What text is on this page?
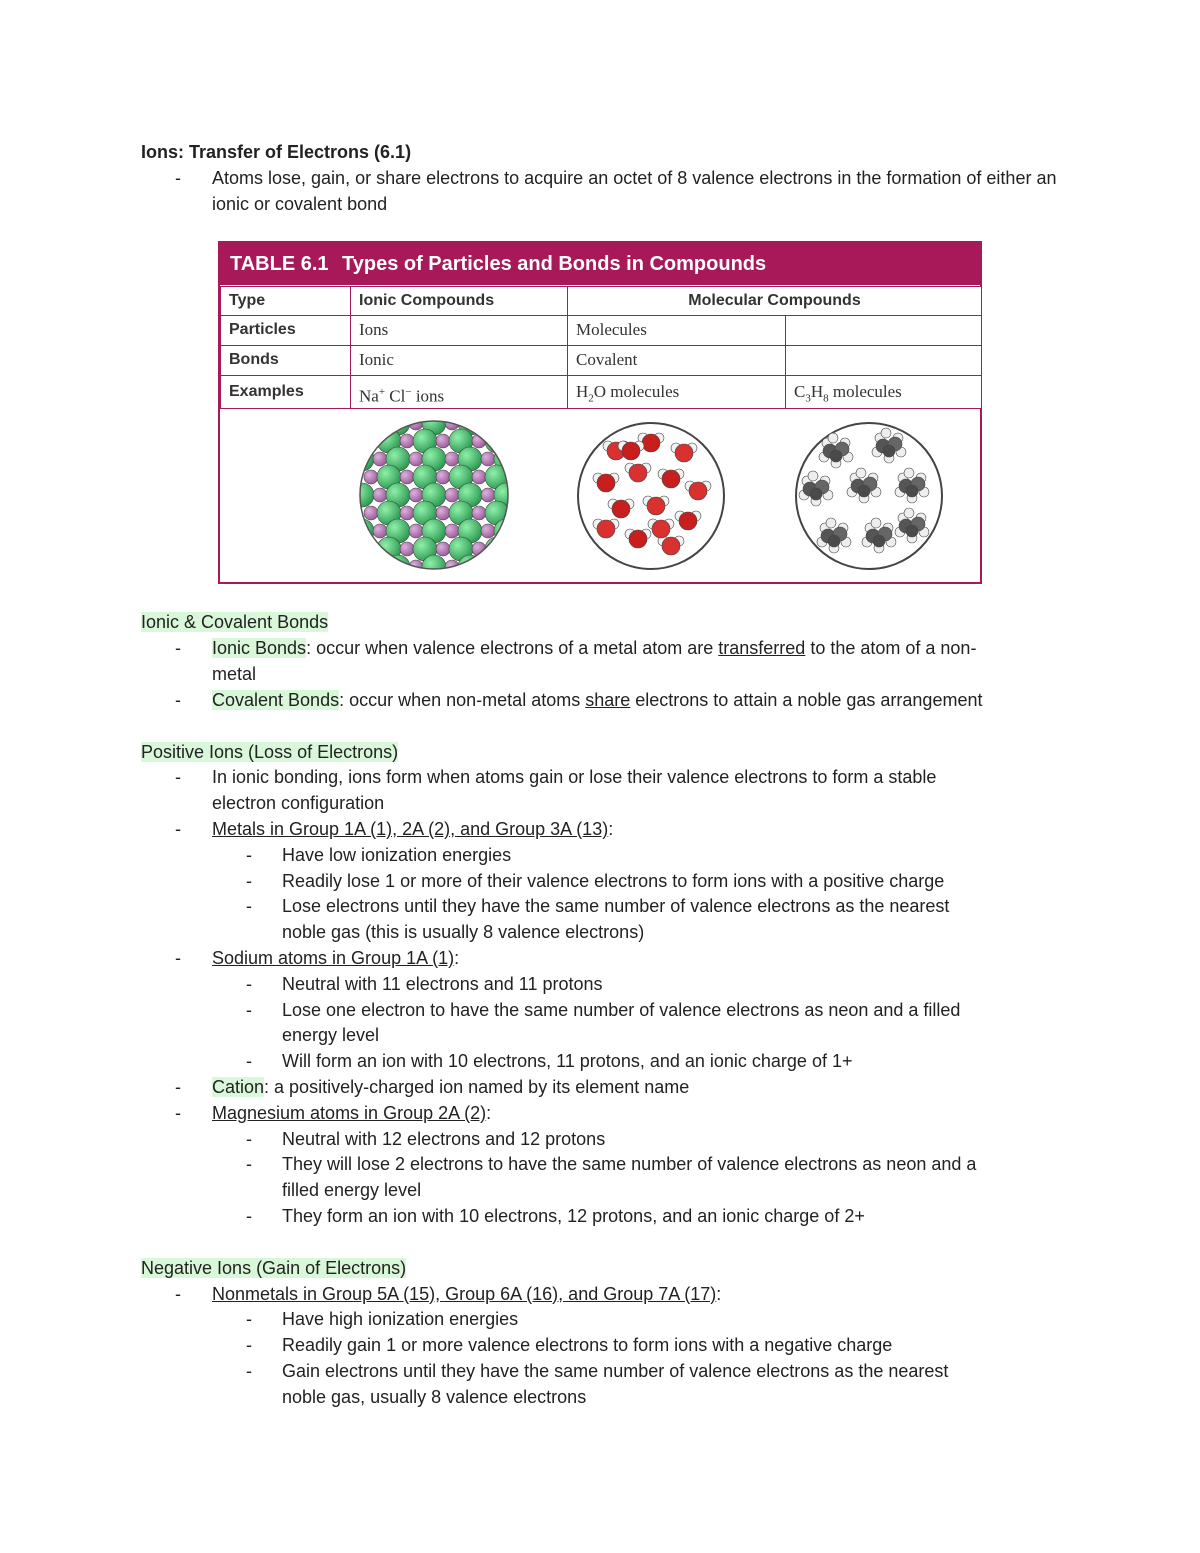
Ions: Transfer of Electrons (6.1)
- Atoms lose, gain, or share electrons to acquire an octet of 8 valence electrons in the formation of either an ionic or covalent bond
Ionic & Covalent Bonds
- Ionic Bonds: occur when valence electrons of a metal atom are transferred to the atom of a non-
metal
- Covalent Bonds: occur when non-metal atoms share electrons to attain a noble gas arrangement
Positive Ions (Loss of Electrons)
- In ionic bonding, ions form when atoms gain or lose their valence electrons to form a stable
electron configuration
- Metals in Group 1A (1), 2A (2), and Group 3A (13):
- Have low ionization energies
- Readily lose 1 or more of their valence electrons to form ions with a positive charge
- Lose electrons until they have the same number of valence electrons as the nearest
noble gas (this is usually 8 valence electrons)
- Sodium atoms in Group 1A (1):
- Neutral with 11 electrons and 11 protons
- Lose one electron to have the same number of valence electrons as neon and a filled
energy level
- Will form an ion with 10 electrons, 11 protons, and an ionic charge of 1+
- Cation: a positively-charged ion named by its element name
- Magnesium atoms in Group 2A (2):
- Neutral with 12 electrons and 12 protons
- They will lose 2 electrons to have the same number of valence electrons as neon and a
filled energy level
- They form an ion with 10 electrons, 12 protons, and an ionic charge of 2+
Negative Ions (Gain of Electrons)
- Nonmetals in Group 5A (15), Group 6A (16), and Group 7A (17):
- Have high ionization energies
- Readily gain 1 or more valence electrons to form ions with a negative charge
- Gain electrons until they have the same number of valence electrons as the nearest
noble gas, usually 8 valence electrons
TABLE 6.1 Types of Particles and Bonds in Compounds
Type	Ionic Compounds	Molecular Compounds
Particles	Ions	Molecules
Bonds	Ionic	Covalent
Examples	Na+ Cl− ions	$H_2O$ molecules	$C_3H_8$ molecules
